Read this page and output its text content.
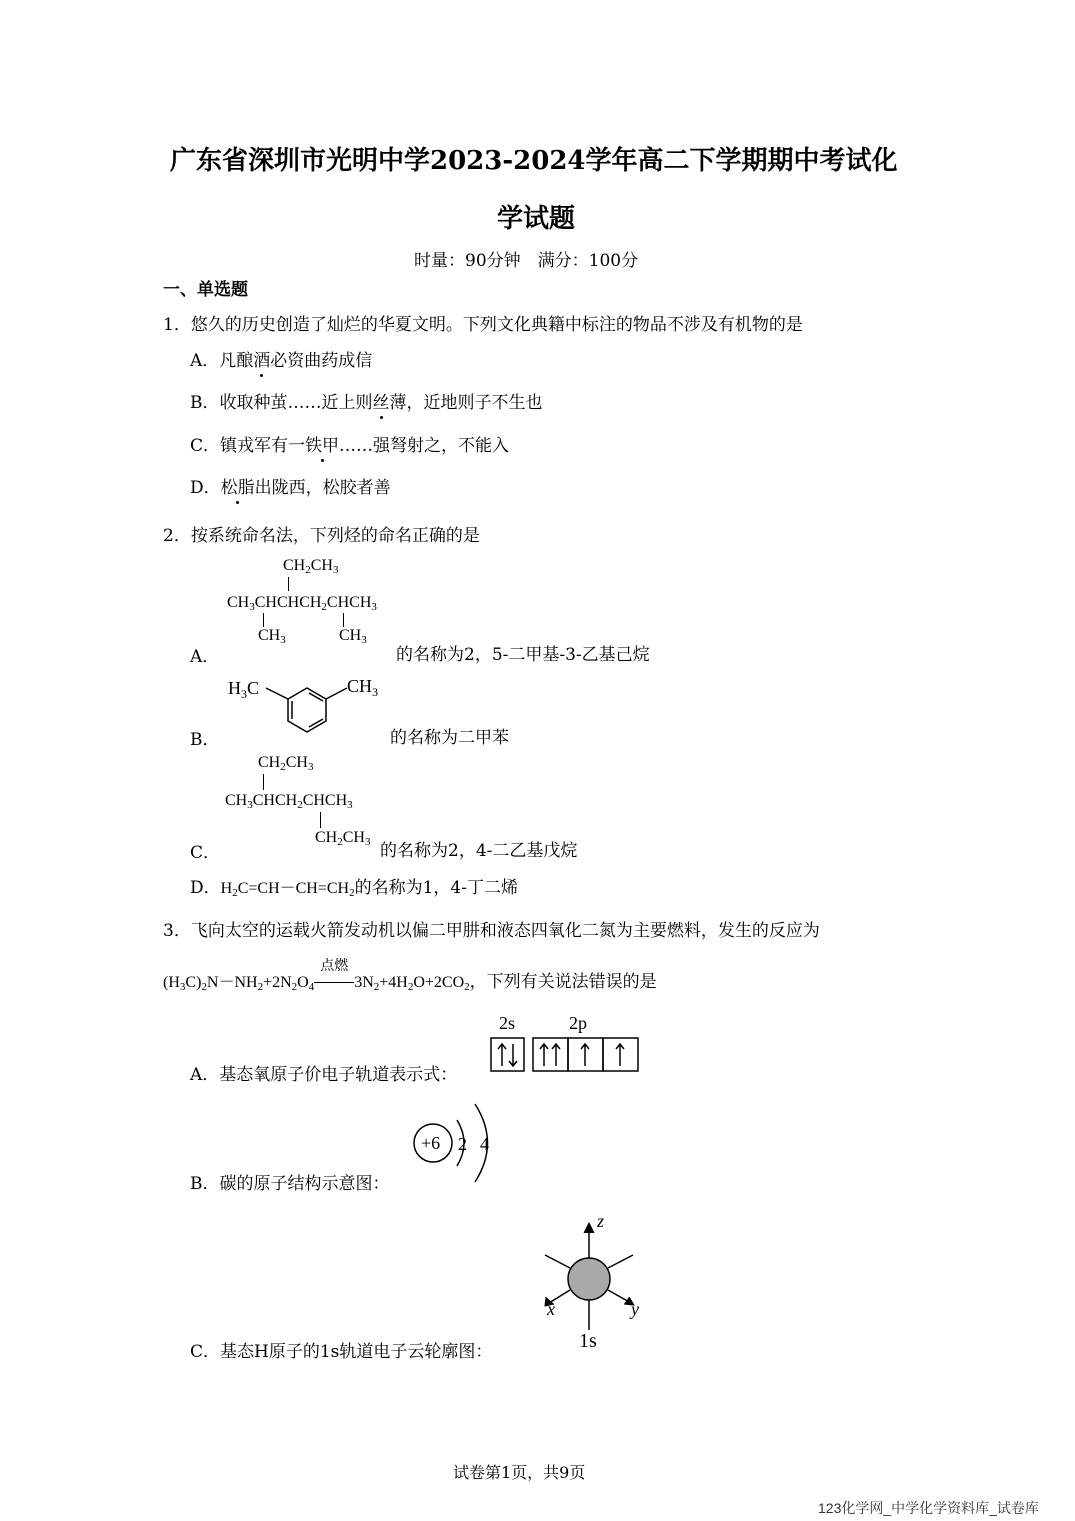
广东省深圳市光明中学2023-2024学年高二下学期期中考试化
学试题
时量：90分钟　满分：100分
一、单选题
1．悠久的历史创造了灿烂的华夏文明。下列文化典籍中标注的物品不涉及有机物的是
A．凡酿酒必资曲药成信
B．收取种茧……近上则丝薄，近地则子不生也
C．镇戎军有一铁甲……强弩射之，不能入
D．松脂出陇西，松胶者善
2．按系统命名法，下列烃的命名正确的是
A．
$CH_2CH_3$
$CH_3CHCHCH_2CHCH_3$
$CH_3$	$CH_3$
的名称为2，5-二甲基-3-乙基己烷
B．
$H_3C$	$CH_3$
的名称为二甲苯
C．
$CH_2CH_3$
$CH_3CHCH_2CHCH_3$
$CH_2CH_3$ 的名称为2，4-二乙基戊烷
D．$H_2C=CH-CH=CH_2$的名称为1，4-丁二烯
3．飞向太空的运载火箭发动机以偏二甲肼和液态四氧化二氮为主要燃料，发生的反应为
$(H_3C)_2N-NH_2+2N_2O_4$
点燃
$3N_2+4H_2O+2CO_2$，下列有关说法错误的是
A．基态氧原子价电子轨道表示式：
2s	2p
B．碳的原子结构示意图：
+6 2 4
C．基态H原子的1s轨道电子云轮廓图：
z
x	y
1s
试卷第1页，共9页
123化学网_中学化学资料库_试卷库
